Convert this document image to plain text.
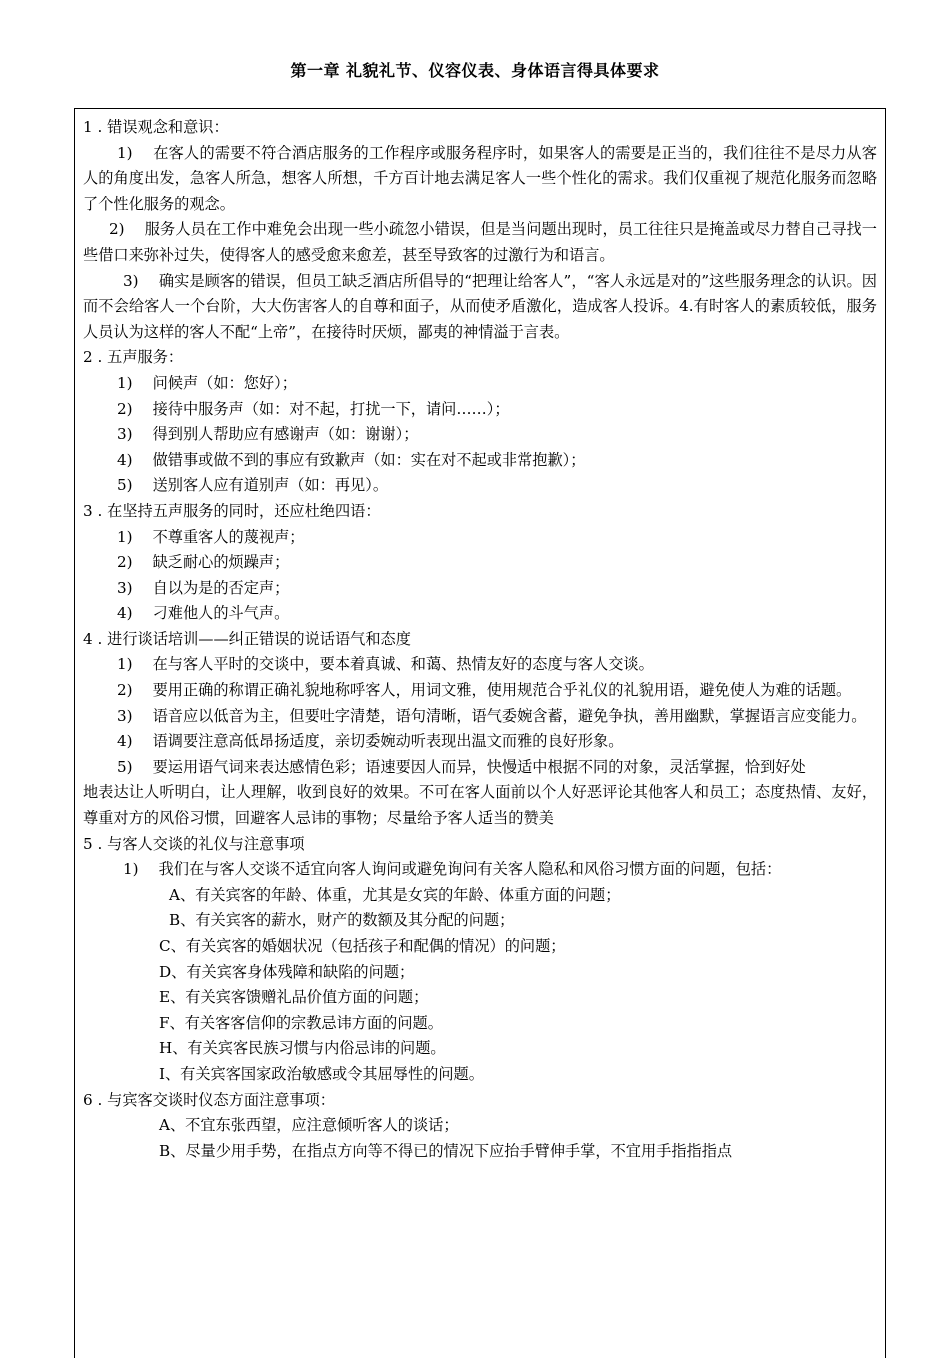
第一章 礼貌礼节、仪容仪表、身体语言得具体要求
1 . 错误观念和意识：
1)　 在客人的需要不符合酒店服务的工作程序或服务程序时，如果客人的需要是正当的，我们往往不是尽力从客人的角度出发，急客人所急，想客人所想，千方百计地去满足客人一些个性化的需求。我们仅重视了规范化服务而忽略了个性化服务的观念。
2)　 服务人员在工作中难免会出现一些小疏忽小错误，但是当问题出现时，员工往往只是掩盖或尽力替自己寻找一些借口来弥补过失，使得客人的感受愈来愈差，甚至导致客的过激行为和语言。
3)　 确实是顾客的错误，但员工缺乏酒店所倡导的“把理让给客人”，“客人永远是对的”这些服务理念的认识。因而不会给客人一个台阶，大大伤害客人的自尊和面子，从而使矛盾激化，造成客人投诉。4.有时客人的素质较低，服务人员认为这样的客人不配“上帝”，在接待时厌烦，鄙夷的神情溢于言表。
2 . 五声服务：
1)　 问候声（如：您好）；
2)　 接待中服务声（如：对不起，打扰一下，请问……）；
3)　 得到别人帮助应有感谢声（如：谢谢）；
4)　 做错事或做不到的事应有致歉声（如：实在对不起或非常抱歉）；
5)　 送别客人应有道别声（如：再见）。
3 . 在坚持五声服务的同时，还应杜绝四语：
1)　 不尊重客人的蔑视声；
2)　 缺乏耐心的烦躁声；
3)　 自以为是的否定声；
4)　 刁难他人的斗气声。
4 . 进行谈话培训——纠正错误的说话语气和态度
1)　 在与客人平时的交谈中，要本着真诚、和蔼、热情友好的态度与客人交谈。
2)　 要用正确的称谓正确礼貌地称呼客人，用词文雅，使用规范合乎礼仪的礼貌用语，避免使人为难的话题。
3)　 语音应以低音为主，但要吐字清楚，语句清晰，语气委婉含蓄，避免争执，善用幽默，掌握语言应变能力。
4)　 语调要注意高低昂扬适度，亲切委婉动听表现出温文而雅的良好形象。
5)　 要运用语气词来表达感情色彩；语速要因人而异，快慢适中根据不同的对象，灵活掌握，恰到好处
地表达让人听明白，让人理解，收到良好的效果。不可在客人面前以个人好恶评论其他客人和员工；态度热情、友好，尊重对方的风俗习惯，回避客人忌讳的事物；尽量给予客人适当的赞美
5 . 与客人交谈的礼仪与注意事项
1)　 我们在与客人交谈不适宜向客人询问或避免询问有关客人隐私和风俗习惯方面的问题，包括：
A、有关宾客的年龄、体重，尤其是女宾的年龄、体重方面的问题；
B、有关宾客的薪水，财产的数额及其分配的问题；
C、有关宾客的婚姻状况（包括孩子和配偶的情况）的问题；
D、有关宾客身体残障和缺陷的问题；
E、有关宾客馈赠礼品价值方面的问题；
F、有关客客信仰的宗教忌讳方面的问题。
H、有关宾客民族习惯与内俗忌讳的问题。
I、有关宾客国家政治敏感或令其屈辱性的问题。
6 . 与宾客交谈时仪态方面注意事项：
A、不宜东张西望，应注意倾听客人的谈话；
B、尽量少用手势，在指点方向等不得已的情况下应抬手臂伸手掌，不宜用手指指指点
